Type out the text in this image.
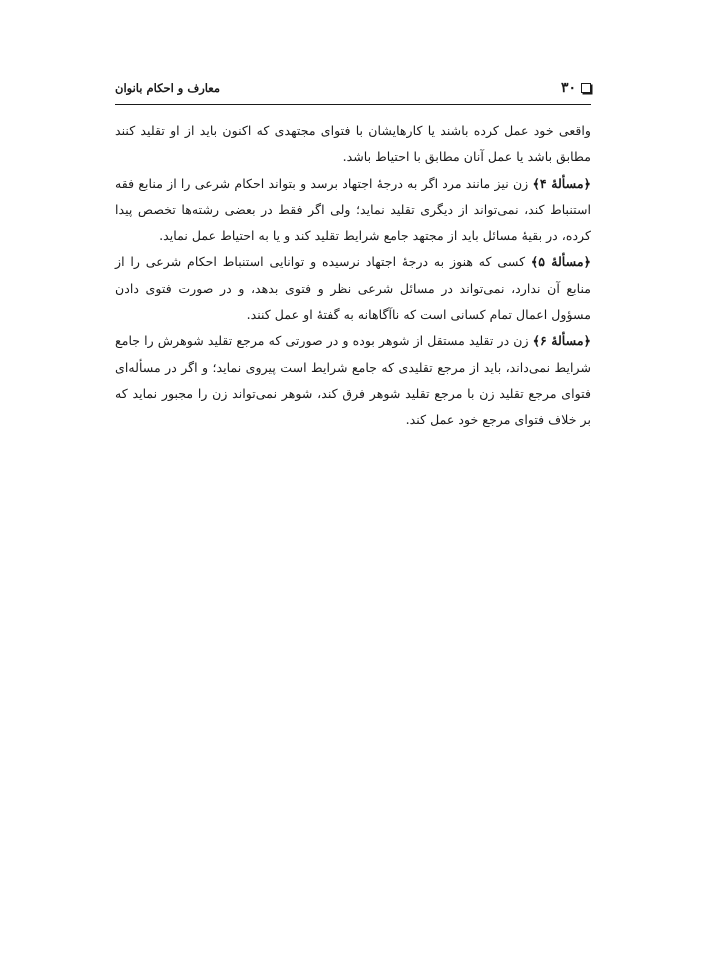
۳۰
معارف و احکام بانوان

واقعی خود عمل کرده باشند یا کارهایشان با فتوای مجتهدی که اکنون باید از او تقلید کنند مطابق باشد یا عمل آنان مطابق با احتیاط باشد.

﴿مسألهٔ ۴﴾ زن نیز مانند مرد اگر به درجهٔ اجتهاد برسد و بتواند احکام شرعی را از منابع فقه استنباط کند، نمی‌تواند از دیگری تقلید نماید؛ ولی اگر فقط در بعضی رشته‌ها تخصص پیدا کرده، در بقیهٔ مسائل باید از مجتهد جامع شرایط تقلید کند و یا به احتیاط عمل نماید.

﴿مسألهٔ ۵﴾ کسی که هنوز به درجهٔ اجتهاد نرسیده و توانایی استنباط احکام شرعی را از منابع آن ندارد، نمی‌تواند در مسائل شرعی نظر و فتوی بدهد، و در صورت فتوی دادن مسؤول اعمال تمام کسانی است که ناآگاهانه به گفتهٔ او عمل کنند.

﴿مسألهٔ ۶﴾ زن در تقلید مستقل از شوهر بوده و در صورتی که مرجع تقلید شوهرش را جامع شرایط نمی‌داند، باید از مرجع تقلیدی که جامع شرایط است پیروی نماید؛ و اگر در مسأله‌ای فتوای مرجع تقلید زن با مرجع تقلید شوهر فرق کند، شوهر نمی‌تواند زن را مجبور نماید که بر خلاف فتوای مرجع خود عمل کند.
